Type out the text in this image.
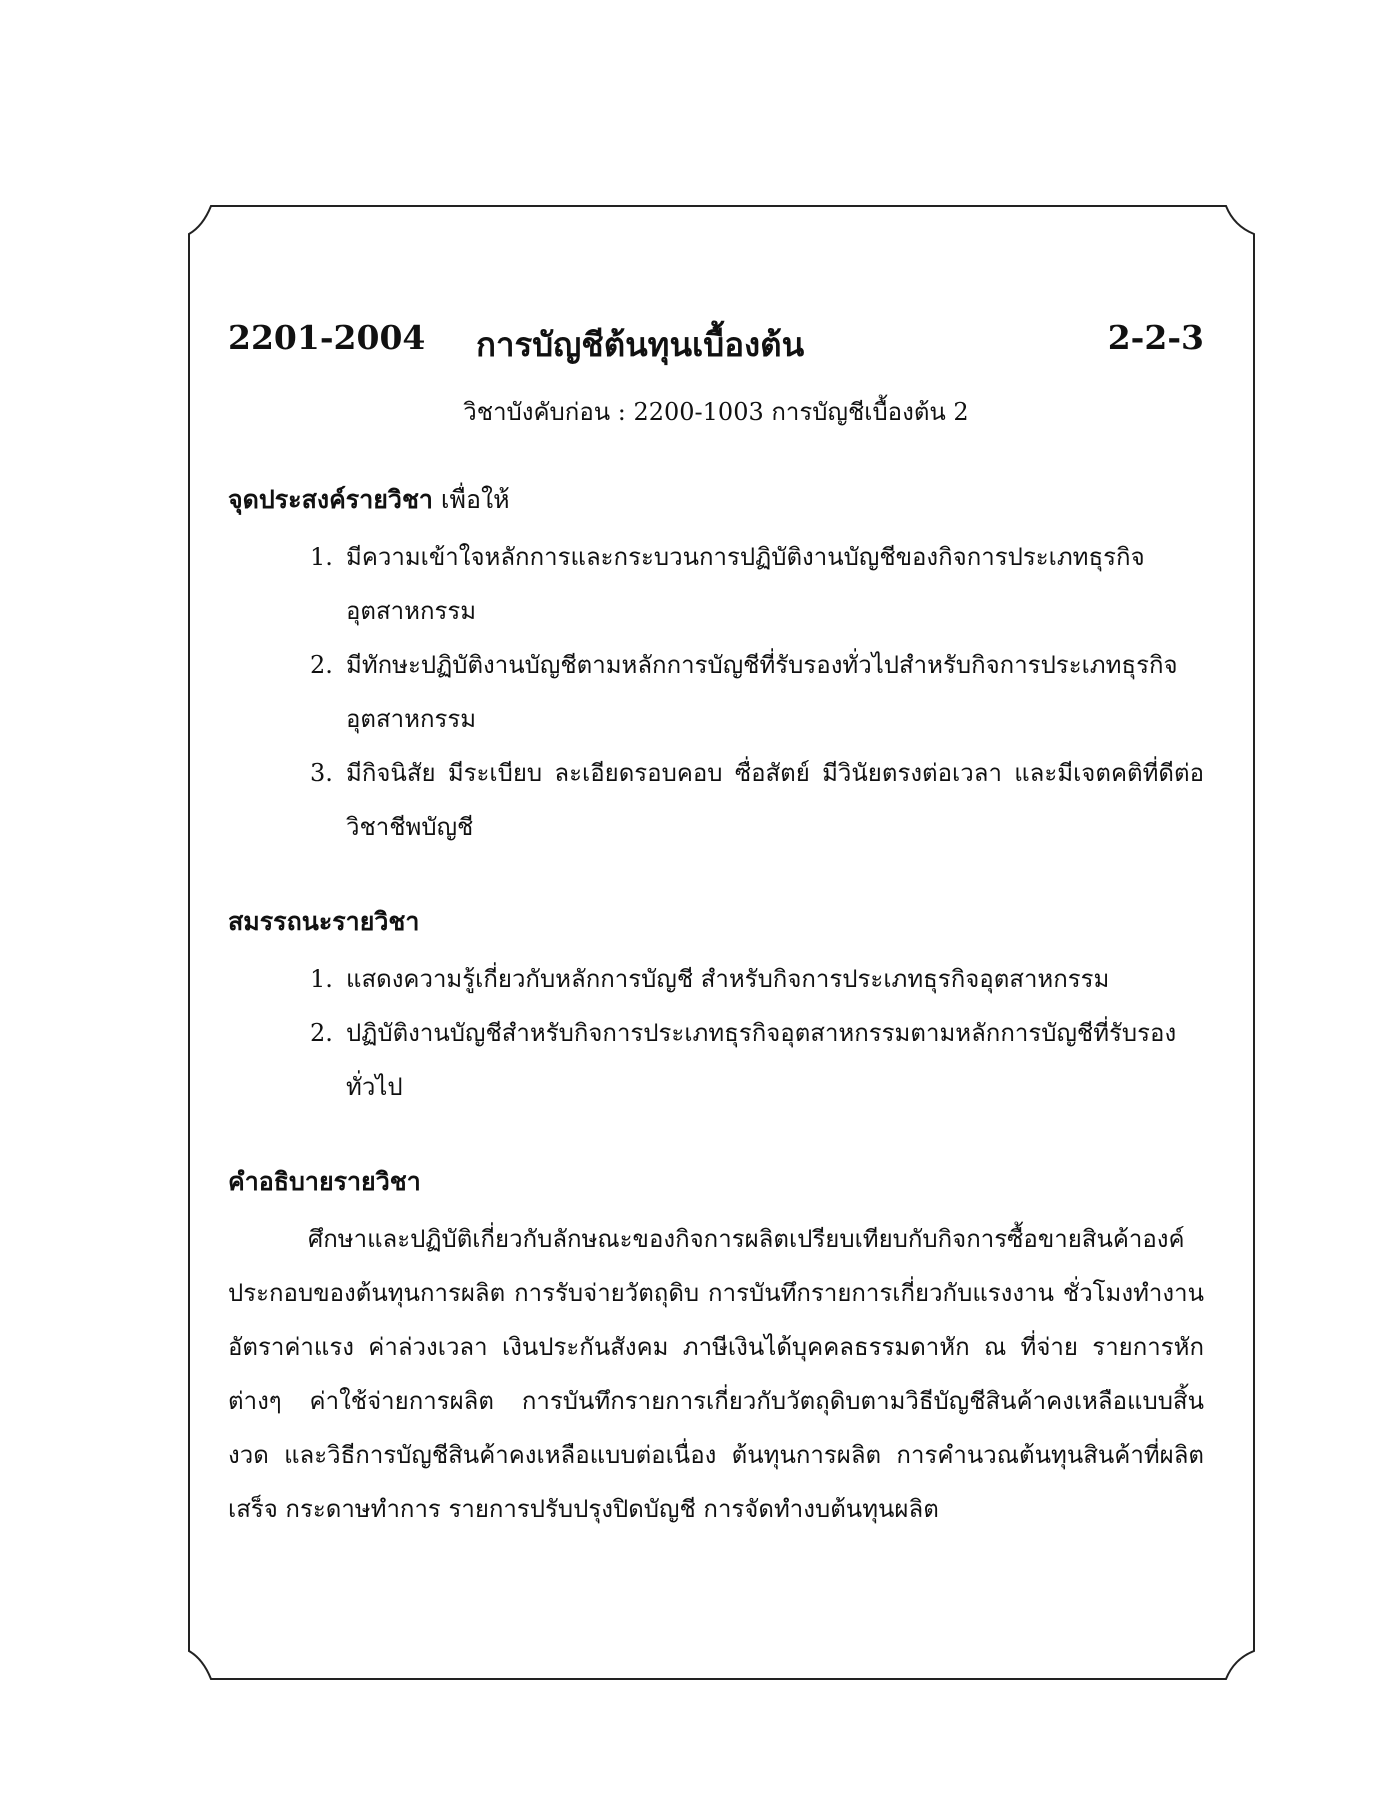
2201-2004 การบัญชีต้นทุนเบื้องต้น	2-2-3
วิชาบังคับก่อน : 2200-1003 การบัญชีเบื้องต้น 2
จุดประสงค์รายวิชา เพื่อให้
1. มีความเข้าใจหลักการและกระบวนการปฏิบัติงานบัญชีของกิจการประเภทธุรกิจอุตสาหกรรม
2. มีทักษะปฏิบัติงานบัญชีตามหลักการบัญชีที่รับรองทั่วไปสำหรับกิจการประเภทธุรกิจอุตสาหกรรม
3. มีกิจนิสัย มีระเบียบ ละเอียดรอบคอบ ซื่อสัตย์ มีวินัยตรงต่อเวลา และมีเจตคติที่ดีต่อวิชาชีพบัญชี
สมรรถนะรายวิชา
1. แสดงความรู้เกี่ยวกับหลักการบัญชี สำหรับกิจการประเภทธุรกิจอุตสาหกรรม
2. ปฏิบัติงานบัญชีสำหรับกิจการประเภทธุรกิจอุตสาหกรรมตามหลักการบัญชีที่รับรองทั่วไป
คำอธิบายรายวิชา

ศึกษาและปฏิบัติเกี่ยวกับลักษณะของกิจการผลิตเปรียบเทียบกับกิจการซื้อขายสินค้าองค์ประกอบของต้นทุนการผลิต การรับจ่ายวัตถุดิบ การบันทึกรายการเกี่ยวกับแรงงาน ชั่วโมงทำงาน อัตราค่าแรง ค่าล่วงเวลา เงินประกันสังคม ภาษีเงินได้บุคคลธรรมดาหัก ณ ที่จ่าย รายการหักต่างๆ ค่าใช้จ่ายการผลิต การบันทึกรายการเกี่ยวกับวัตถุดิบตามวิธีบัญชีสินค้าคงเหลือแบบสิ้นงวด และวิธีการบัญชีสินค้าคงเหลือแบบต่อเนื่อง ต้นทุนการผลิต การคำนวณต้นทุนสินค้าที่ผลิตเสร็จ กระดาษทำการ รายการปรับปรุงปิดบัญชี การจัดทำงบต้นทุนผลิต
